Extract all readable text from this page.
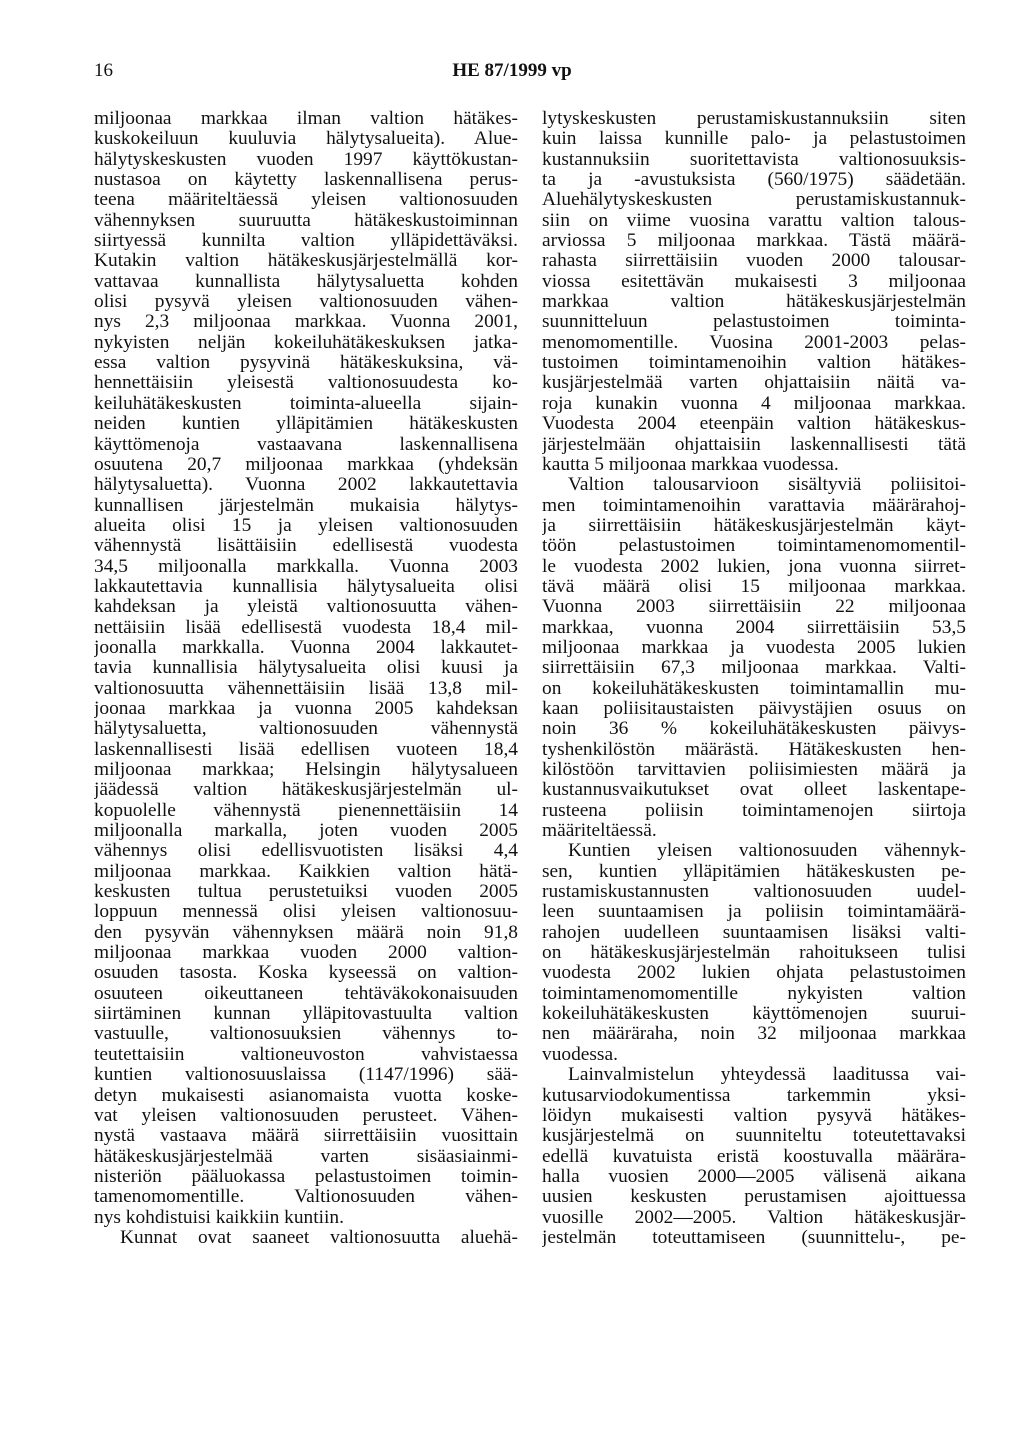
16	HE 87/1999 vp
miljoonaa markkaa ilman valtion hätäkes-
kuskokeiluun kuuluvia hälytysalueita). Alue-
hälytyskeskusten vuoden 1997 käyttökustan-
nustasoa on käytetty laskennallisena perus-
teena määriteltäessä yleisen valtionosuuden
vähennyksen suuruutta hätäkeskustoiminnan
siirtyessä kunnilta valtion ylläpidettäväksi.
Kutakin valtion hätäkeskusjärjestelmällä kor-
vattavaa kunnallista hälytysaluetta kohden
olisi pysyvä yleisen valtionosuuden vähen-
nys 2,3 miljoonaa markkaa. Vuonna 2001,
nykyisten neljän kokeiluhätäkeskuksen jatka-
essa valtion pysyvinä hätäkeskuksina, vä-
hennettäisiin yleisestä valtionosuudesta ko-
keiluhätäkeskusten toiminta-alueella sijain-
neiden kuntien ylläpitämien hätäkeskusten
käyttömenoja vastaavana laskennallisena
osuutena 20,7 miljoonaa markkaa (yhdeksän
hälytysaluetta). Vuonna 2002 lakkautettavia
kunnallisen järjestelmän mukaisia hälytys-
alueita olisi 15 ja yleisen valtionosuuden
vähennystä lisättäisiin edellisestä vuodesta
34,5 miljoonalla markkalla. Vuonna 2003
lakkautettavia kunnallisia hälytysalueita olisi
kahdeksan ja yleistä valtionosuutta vähen-
nettäisiin lisää edellisestä vuodesta 18,4 mil-
joonalla markkalla. Vuonna 2004 lakkautet-
tavia kunnallisia hälytysalueita olisi kuusi ja
valtionosuutta vähennettäisiin lisää 13,8 mil-
joonaa markkaa ja vuonna 2005 kahdeksan
hälytysaluetta, valtionosuuden vähennystä
laskennallisesti lisää edellisen vuoteen 18,4
miljoonaa markkaa; Helsingin hälytysalueen
jäädessä valtion hätäkeskusjärjestelmän ul-
kopuolelle vähennystä pienennettäisiin 14
miljoonalla markalla, joten vuoden 2005
vähennys olisi edellisvuotisten lisäksi 4,4
miljoonaa markkaa. Kaikkien valtion hätä-
keskusten tultua perustetuiksi vuoden 2005
loppuun mennessä olisi yleisen valtionosuu-
den pysyvän vähennyksen määrä noin 91,8
miljoonaa markkaa vuoden 2000 valtion-
osuuden tasosta. Koska kyseessä on valtion-
osuuteen oikeuttaneen tehtäväkokonaisuuden
siirtäminen kunnan ylläpitovastuulta valtion
vastuulle, valtionosuuksien vähennys to-
teutettaisiin valtioneuvoston vahvistaessa
kuntien valtionosuuslaissa (1147/1996) sää-
detyn mukaisesti asianomaista vuotta koske-
vat yleisen valtionosuuden perusteet. Vähen-
nystä vastaava määrä siirrettäisiin vuosittain
hätäkeskusjärjestelmää varten sisäasiainmi-
nisteriön pääluokassa pelastustoimen toimin-
tamenomomentille. Valtionosuuden vähen-
nys kohdistuisi kaikkiin kuntiin.
Kunnat ovat saaneet valtionosuutta aluehä-
lytyskeskusten perustamiskustannuksiin siten
kuin laissa kunnille palo- ja pelastustoimen
kustannuksiin suoritettavista valtionosuuksis-
ta ja -avustuksista (560/1975) säädetään.
Aluehälytyskeskusten perustamiskustannuk-
siin on viime vuosina varattu valtion talous-
arviossa 5 miljoonaa markkaa. Tästä määrä-
rahasta siirrettäisiin vuoden 2000 talousar-
viossa esitettävän mukaisesti 3 miljoonaa
markkaa valtion hätäkeskusjärjestelmän
suunnitteluun pelastustoimen toiminta-
menomomentille. Vuosina 2001-2003 pelas-
tustoimen toimintamenoihin valtion hätäkes-
kusjärjestelmää varten ohjattaisiin näitä va-
roja kunakin vuonna 4 miljoonaa markkaa.
Vuodesta 2004 eteenpäin valtion hätäkeskus-
järjestelmään ohjattaisiin laskennallisesti tätä
kautta 5 miljoonaa markkaa vuodessa.
Valtion talousarvioon sisältyviä poliisitoi-
men toimintamenoihin varattavia määrärahoj-
ja siirrettäisiin hätäkeskusjärjestelmän käyt-
töön pelastustoimen toimintamenomomentil-
le vuodesta 2002 lukien, jona vuonna siirret-
tävä määrä olisi 15 miljoonaa markkaa.
Vuonna 2003 siirrettäisiin 22 miljoonaa
markkaa, vuonna 2004 siirrettäisiin 53,5
miljoonaa markkaa ja vuodesta 2005 lukien
siirrettäisiin 67,3 miljoonaa markkaa. Valti-
on kokeiluhätäkeskusten toimintamallin mu-
kaan poliisitaustaisten päivystäjien osuus on
noin 36 % kokeiluhätäkeskusten päivys-
tyshenkilöstön määrästä. Hätäkeskusten hen-
kilöstöön tarvittavien poliisimiesten määrä ja
kustannusvaikutukset ovat olleet laskentape-
rusteena poliisin toimintamenojen siirtoja
määriteltäessä.
Kuntien yleisen valtionosuuden vähennyk-
sen, kuntien ylläpitämien hätäkeskusten pe-
rustamiskustannusten valtionosuuden uudel-
leen suuntaamisen ja poliisin toimintamäärä-
rahojen uudelleen suuntaamisen lisäksi valti-
on hätäkeskusjärjestelmän rahoitukseen tulisi
vuodesta 2002 lukien ohjata pelastustoimen
toimintamenomomentille nykyisten valtion
kokeiluhätäkeskusten käyttömenojen suurui-
nen määräraha, noin 32 miljoonaa markkaa
vuodessa.
Lainvalmistelun yhteydessä laaditussa vai-
kutusarviodokumentissa tarkemmin yksi-
löidyn mukaisesti valtion pysyvä hätäkes-
kusjärjestelmä on suunniteltu toteutettavaksi
edellä kuvatuista eristä koostuvalla määrära-
halla vuosien 2000—2005 välisenä aikana
uusien keskusten perustamisen ajoittuessa
vuosille 2002—2005. Valtion hätäkeskusjär-
jestelmän toteuttamiseen (suunnittelu-, pe-
